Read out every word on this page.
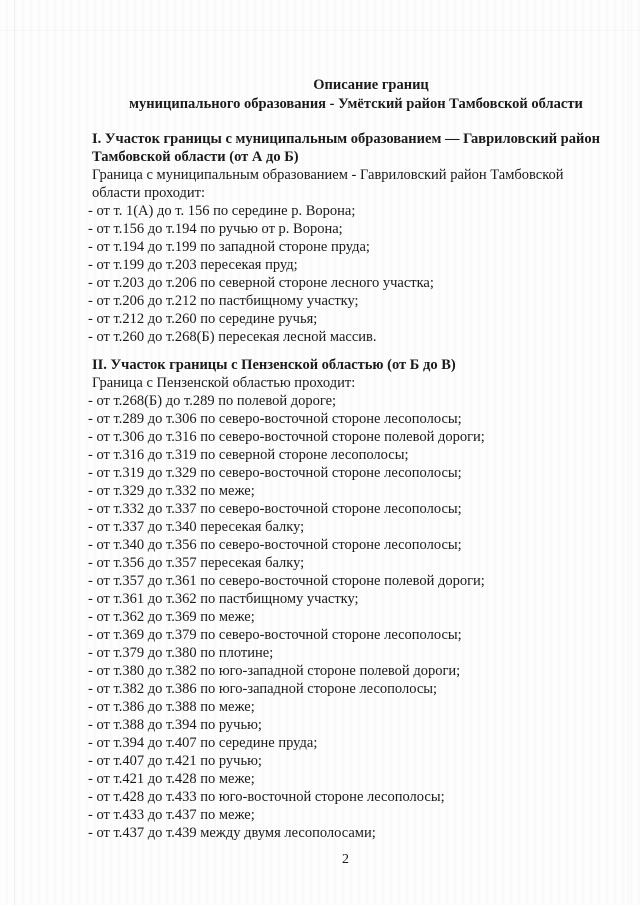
Описание границ
муниципального образования - Умётский район Тамбовской области

I. Участок границы с муниципальным образованием — Гавриловский район Тамбовской области (от А до Б)

Граница с муниципальным образованием - Гавриловский район Тамбовской области проходит:

- от т. 1(А) до т. 156 по середине р. Ворона;
- от т.156 до т.194 по ручью от р. Ворона;
- от т.194 до т.199 по западной стороне пруда;
- от т.199 до т.203 пересекая пруд;
- от т.203 до т.206 по северной стороне лесного участка;
- от т.206 до т.212 по пастбищному участку;
- от т.212 до т.260 по середине ручья;
- от т.260 до т.268(Б) пересекая лесной массив.

II. Участок границы с Пензенской областью (от Б до В)

Граница с Пензенской областью проходит:

- от т.268(Б) до т.289 по полевой дороге;
- от т.289 до т.306 по северо-восточной стороне лесополосы;
- от т.306 до т.316 по северо-восточной стороне полевой дороги;
- от т.316 до т.319 по северной стороне лесополосы;
- от т.319 до т.329 по северо-восточной стороне лесополосы;
- от т.329 до т.332 по меже;
- от т.332 до т.337 по северо-восточной стороне лесополосы;
- от т.337 до т.340 пересекая балку;
- от т.340 до т.356 по северо-восточной стороне лесополосы;
- от т.356 до т.357 пересекая балку;
- от т.357 до т.361 по северо-восточной стороне полевой дороги;
- от т.361 до т.362 по пастбищному участку;
- от т.362 до т.369 по меже;
- от т.369 до т.379 по северо-восточной стороне лесополосы;
- от т.379 до т.380 по плотине;
- от т.380 до т.382 по юго-западной стороне полевой дороги;
- от т.382 до т.386 по юго-западной стороне лесополосы;
- от т.386 до т.388 по меже;
- от т.388 до т.394 по ручью;
- от т.394 до т.407 по середине пруда;
- от т.407 до т.421 по ручью;
- от т.421 до т.428 по меже;
- от т.428 до т.433 по юго-восточной стороне лесополосы;
- от т.433 до т.437 по меже;
- от т.437 до т.439 между двумя лесополосами;
2
